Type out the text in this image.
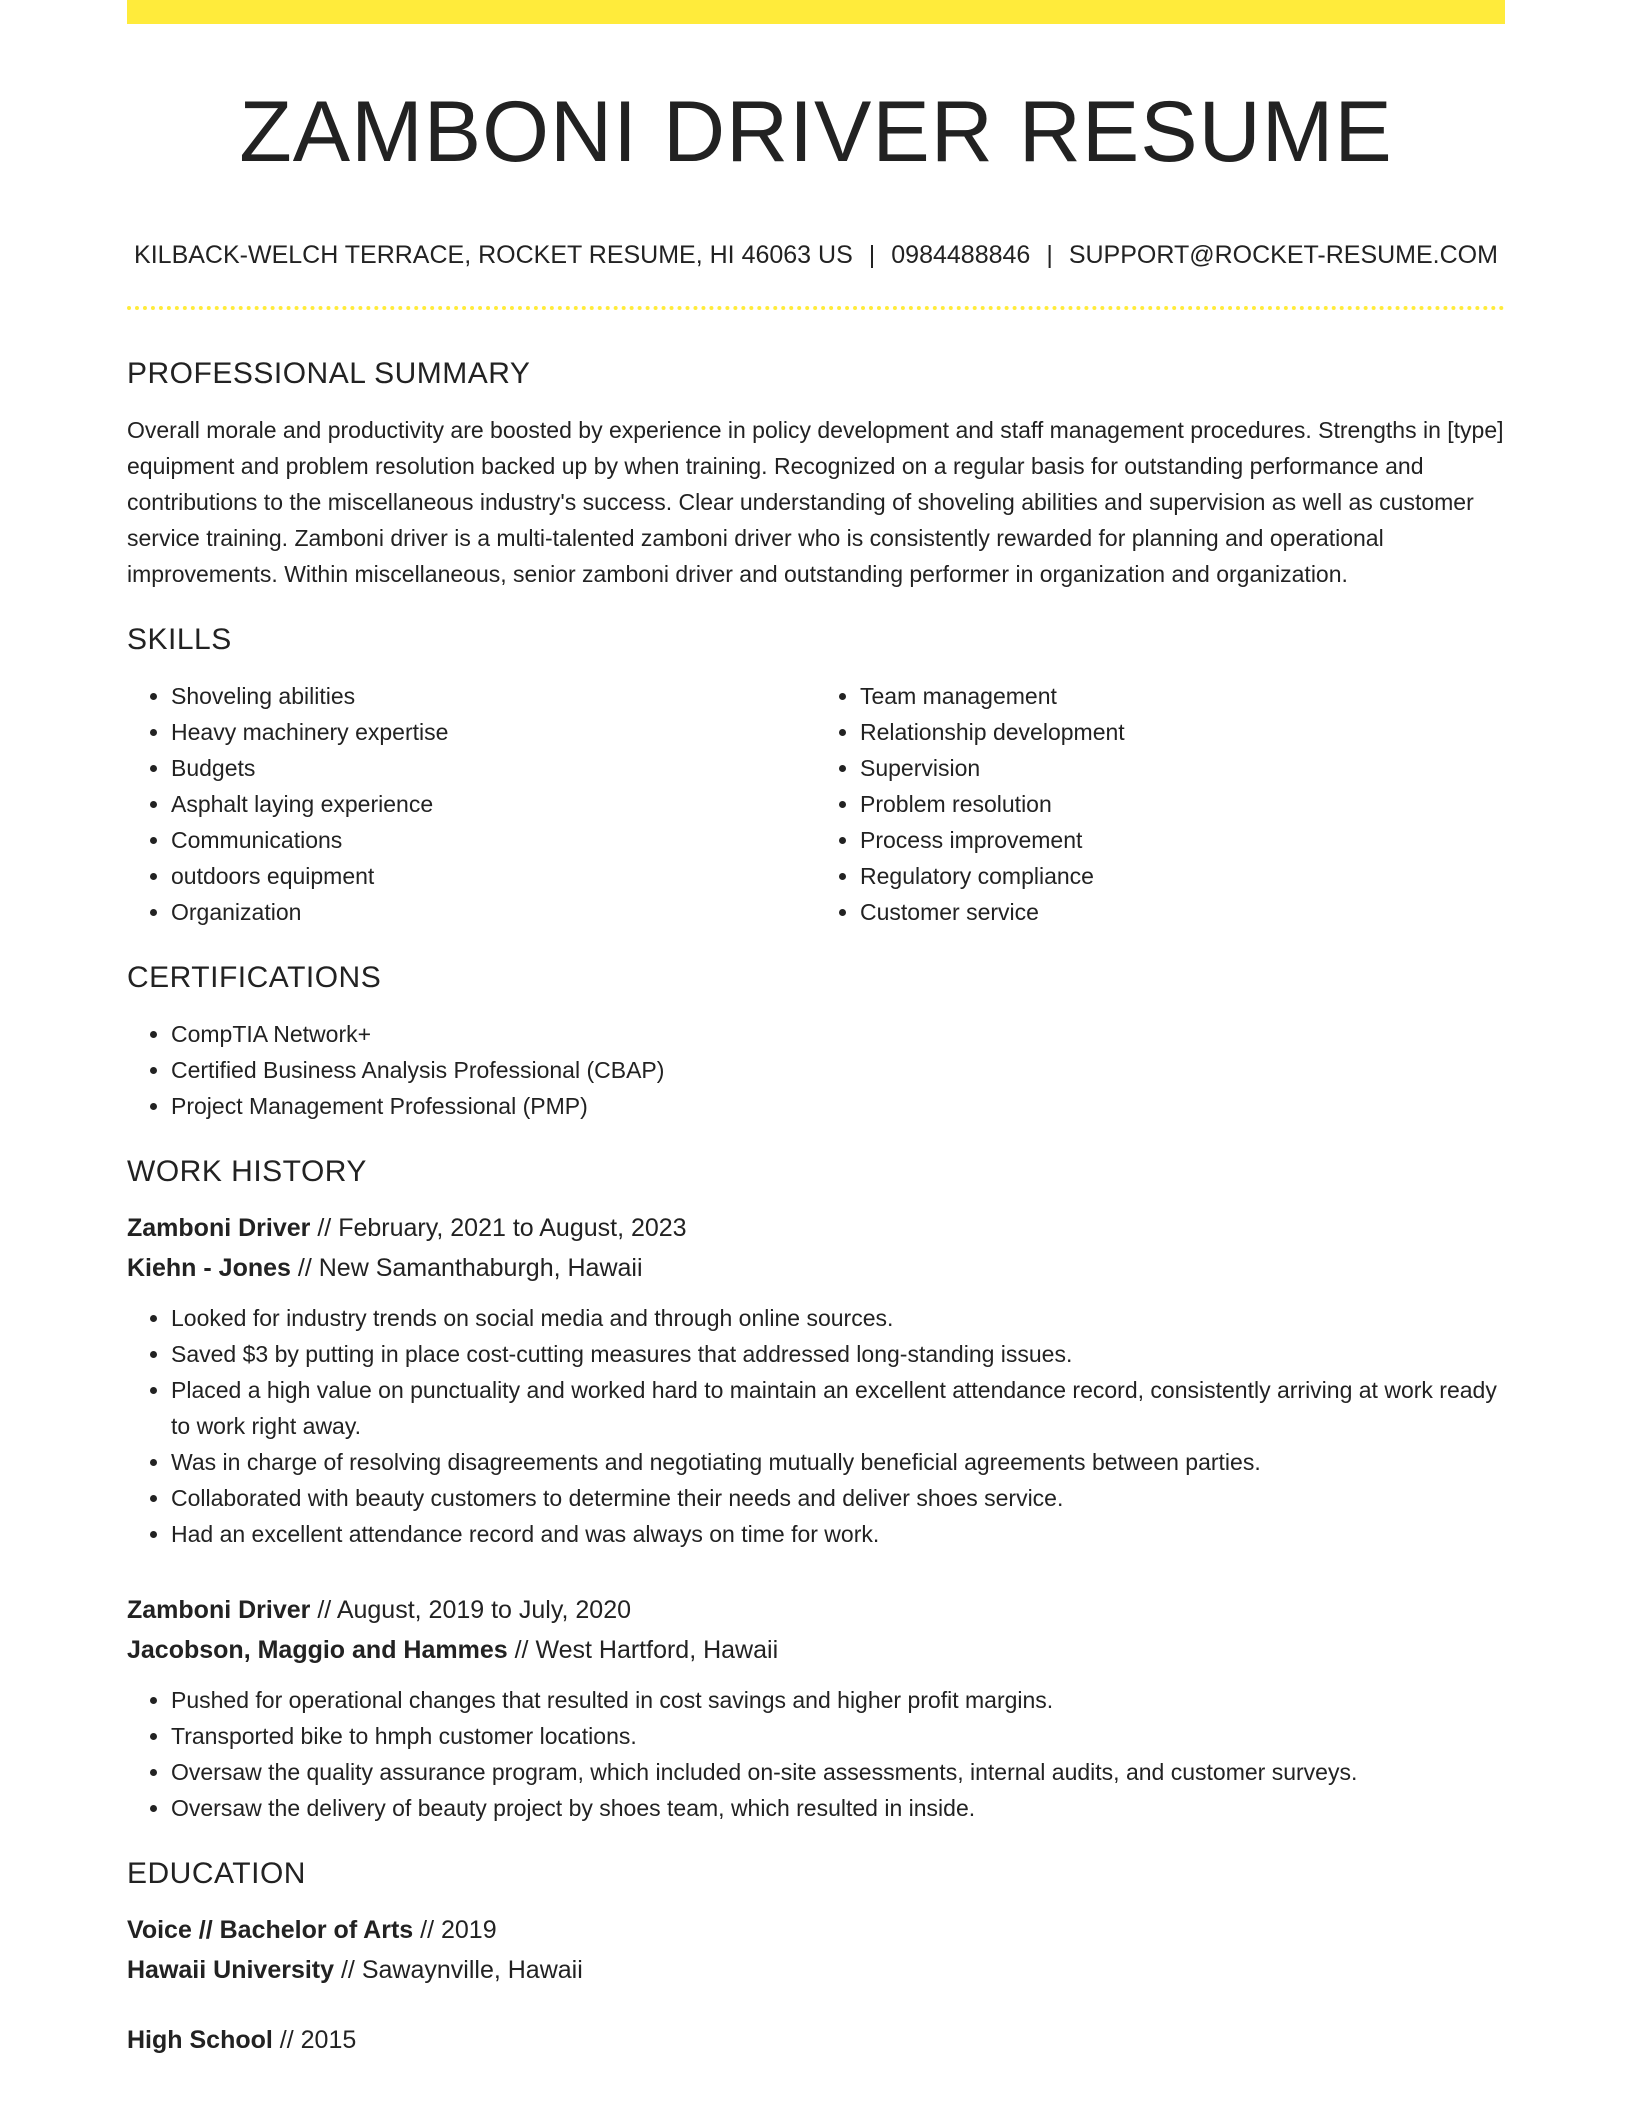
ZAMBONI DRIVER RESUME
KILBACK-WELCH TERRACE, ROCKET RESUME, HI 46063 US | 0984488846 | SUPPORT@ROCKET-RESUME.COM
PROFESSIONAL SUMMARY

Overall morale and productivity are boosted by experience in policy development and staff management procedures. Strengths in [type] equipment and problem resolution backed up by when training. Recognized on a regular basis for outstanding performance and contributions to the miscellaneous industry's success. Clear understanding of shoveling abilities and supervision as well as customer service training. Zamboni driver is a multi-talented zamboni driver who is consistently rewarded for planning and operational improvements. Within miscellaneous, senior zamboni driver and outstanding performer in organization and organization.

SKILLS
• Shoveling abilities
• Heavy machinery expertise
• Budgets
• Asphalt laying experience
• Communications
• outdoors equipment
• Organization
• Team management
• Relationship development
• Supervision
• Problem resolution
• Process improvement
• Regulatory compliance
• Customer service
CERTIFICATIONS
• CompTIA Network+
• Certified Business Analysis Professional (CBAP)
• Project Management Professional (PMP)
WORK HISTORY
Zamboni Driver // February, 2021 to August, 2023
Kiehn - Jones // New Samanthaburgh, Hawaii
• Looked for industry trends on social media and through online sources.
• Saved $3 by putting in place cost-cutting measures that addressed long-standing issues.
• Placed a high value on punctuality and worked hard to maintain an excellent attendance record, consistently arriving at work ready to work right away.
• Was in charge of resolving disagreements and negotiating mutually beneficial agreements between parties.
• Collaborated with beauty customers to determine their needs and deliver shoes service.
• Had an excellent attendance record and was always on time for work.
Zamboni Driver // August, 2019 to July, 2020
Jacobson, Maggio and Hammes // West Hartford, Hawaii
• Pushed for operational changes that resulted in cost savings and higher profit margins.
• Transported bike to hmph customer locations.
• Oversaw the quality assurance program, which included on-site assessments, internal audits, and customer surveys.
• Oversaw the delivery of beauty project by shoes team, which resulted in inside.
EDUCATION
Voice // Bachelor of Arts // 2019
Hawaii University // Sawaynville, Hawaii
High School // 2015
